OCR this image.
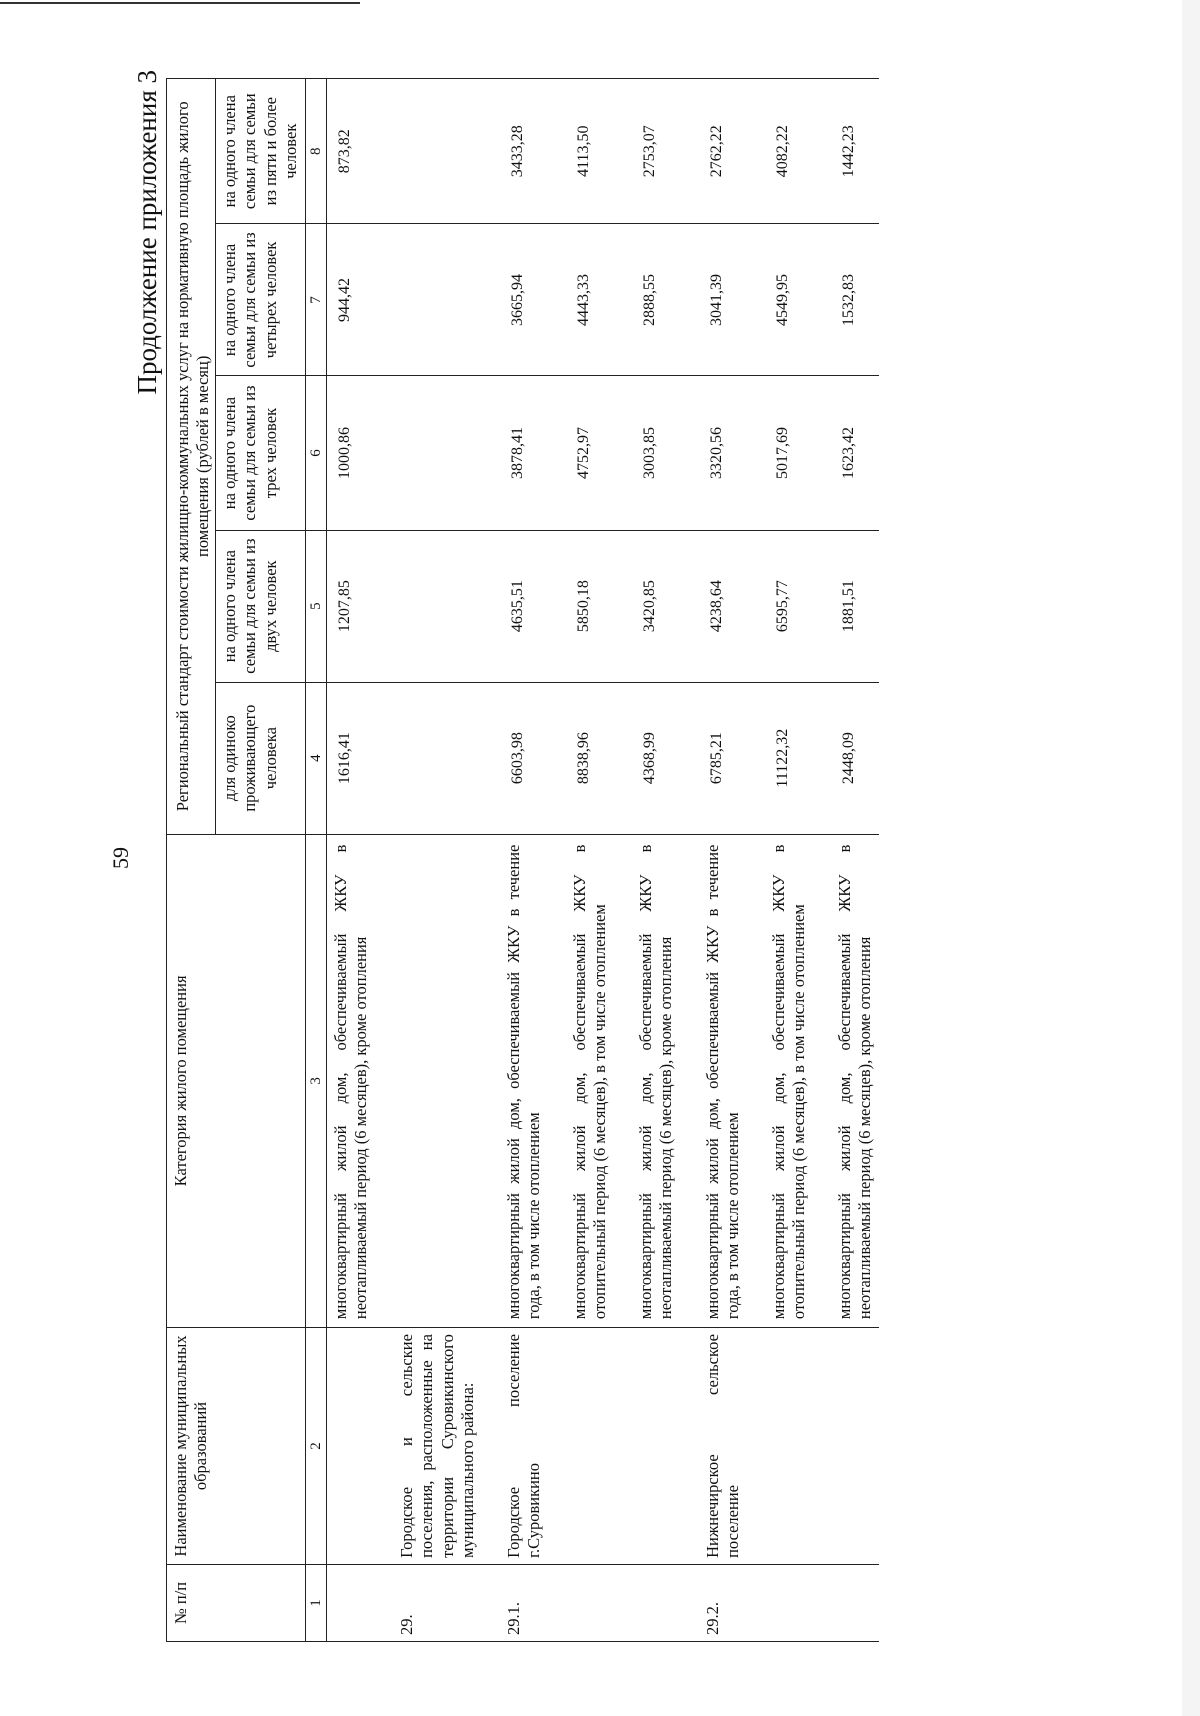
59
Продолжение приложения 3
№ п/п	Наименование муниципальных образований	Категория жилого помещения	Региональный стандарт стоимости жилищно-коммунальных услуг на нормативную площадь жилого помещения (рублей в месяц)				
			для одиноко проживающего человека	на одного члена семьи для семьи из двух человек	на одного члена семьи для семьи из трех человек	на одного члена семьи для семьи из четырех человек	на одного члена семьи для семьи из пяти и более человек
1	2	3	4	5	6	7	8
		многоквартирный жилой дом, обеспечиваемый ЖКУ в неотапливаемый период (6 месяцев), кроме отопления	1616,41	1207,85	1000,86	944,42	873,82
29.	Городское и сельские поселения, расположенные на территории Суровикинского муниципального района:						
29.1.	Городское поселение г.Суровикино	многоквартирный жилой дом, обеспечиваемый ЖКУ в течение года, в том числе отоплением	6603,98	4635,51	3878,41	3665,94	3433,28
		многоквартирный жилой дом, обеспечиваемый ЖКУ в отопительный период (6 месяцев), в том числе отоплением	8838,96	5850,18	4752,97	4443,33	4113,50
		многоквартирный жилой дом, обеспечиваемый ЖКУ в неотапливаемый период (6 месяцев), кроме отопления	4368,99	3420,85	3003,85	2888,55	2753,07
29.2.	Нижнечирское сельское поселение	многоквартирный жилой дом, обеспечиваемый ЖКУ в течение года, в том числе отоплением	6785,21	4238,64	3320,56	3041,39	2762,22
		многоквартирный жилой дом, обеспечиваемый ЖКУ в отопительный период (6 месяцев), в том числе отоплением	11122,32	6595,77	5017,69	4549,95	4082,22
		многоквартирный жилой дом, обеспечиваемый ЖКУ в неотапливаемый период (6 месяцев), кроме отопления	2448,09	1881,51	1623,42	1532,83	1442,23
